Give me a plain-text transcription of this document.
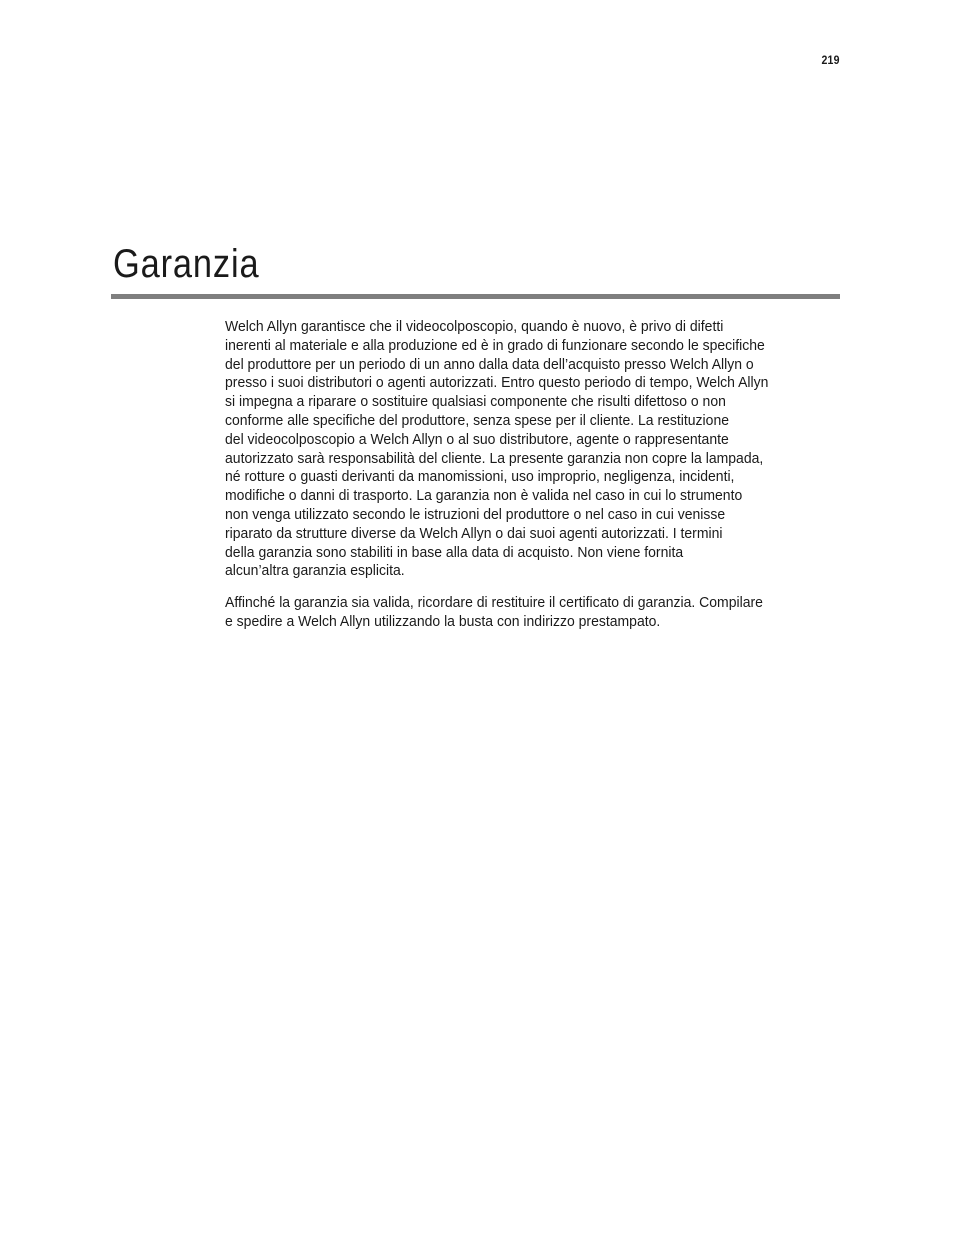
219
Garanzia

Welch Allyn garantisce che il videocolposcopio, quando è nuovo, è privo di difetti
inerenti al materiale e alla produzione ed è in grado di funzionare secondo le specifiche
del produttore per un periodo di un anno dalla data dell’acquisto presso Welch Allyn o
presso i suoi distributori o agenti autorizzati. Entro questo periodo di tempo, Welch Allyn
si impegna a riparare o sostituire qualsiasi componente che risulti difettoso o non
conforme alle specifiche del produttore, senza spese per il cliente. La restituzione
del videocolposcopio a Welch Allyn o al suo distributore, agente o rappresentante
autorizzato sarà responsabilità del cliente. La presente garanzia non copre la lampada,
né rotture o guasti derivanti da manomissioni, uso improprio, negligenza, incidenti,
modifiche o danni di trasporto. La garanzia non è valida nel caso in cui lo strumento
non venga utilizzato secondo le istruzioni del produttore o nel caso in cui venisse
riparato da strutture diverse da Welch Allyn o dai suoi agenti autorizzati. I termini
della garanzia sono stabiliti in base alla data di acquisto. Non viene fornita
alcun’altra garanzia esplicita.

Affinché la garanzia sia valida, ricordare di restituire il certificato di garanzia. Compilare
e spedire a Welch Allyn utilizzando la busta con indirizzo prestampato.
